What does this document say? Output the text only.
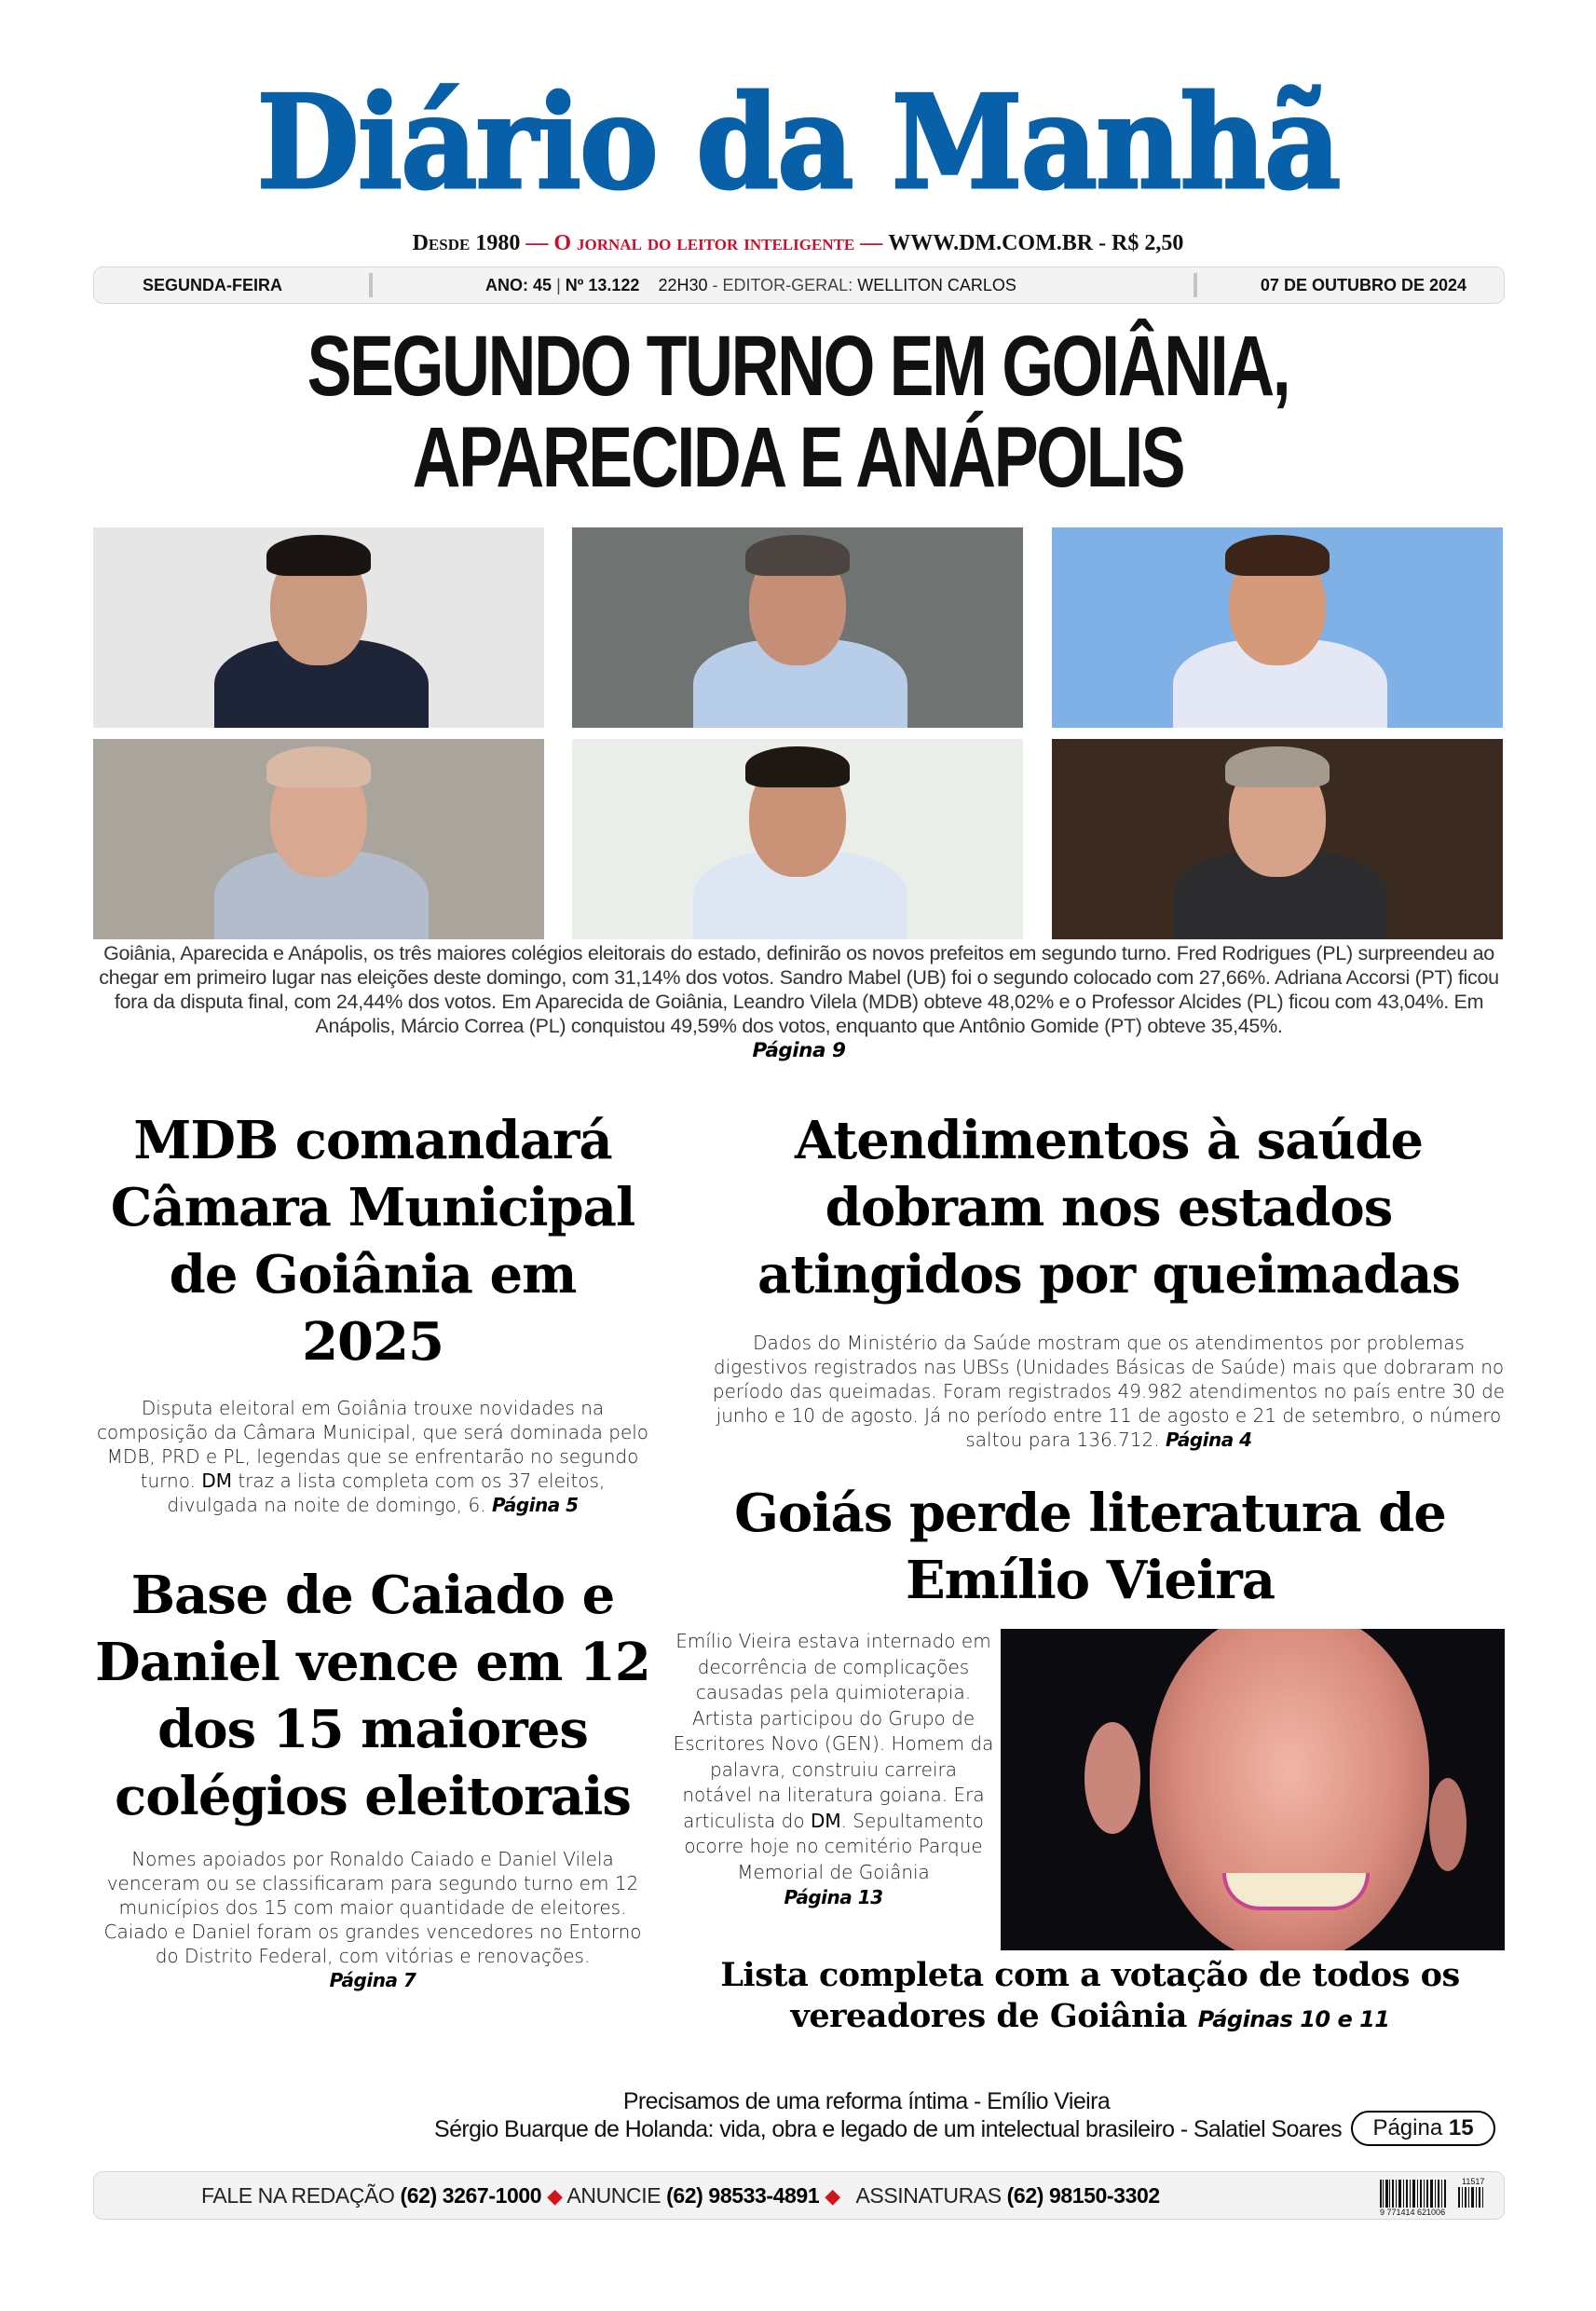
Diário da Manhã
Desde 1980 — O jornal do leitor inteligente — WWW.DM.COM.BR - R$ 2,50
SEGUNDA-FEIRA	ANO: 45 | Nº 13.122 22H30 - EDITOR-GERAL: WELLITON CARLOS	07 DE OUTUBRO DE 2024
SEGUNDO TURNO EM GOIÂNIA,
APARECIDA E ANÁPOLIS
Goiânia, Aparecida e Anápolis, os três maiores colégios eleitorais do estado, definirão os novos prefeitos em segundo turno. Fred Rodrigues (PL) surpreendeu ao chegar em primeiro lugar nas eleições deste domingo, com 31,14% dos votos. Sandro Mabel (UB) foi o segundo colocado com 27,66%. Adriana Accorsi (PT) ficou fora da disputa final, com 24,44% dos votos. Em Aparecida de Goiânia, Leandro Vilela (MDB) obteve 48,02% e o Professor Alcides (PL) ficou com 43,04%. Em Anápolis, Márcio Correa (PL) conquistou 49,59% dos votos, enquanto que Antônio Gomide (PT) obteve 35,45%.
Página 9
MDB comandará Câmara Municipal de Goiânia em 2025
Disputa eleitoral em Goiânia trouxe novidades na composição da Câmara Municipal, que será dominada pelo MDB, PRD e PL, legendas que se enfrentarão no segundo turno. DM traz a lista completa com os 37 eleitos, divulgada na noite de domingo, 6. Página 5
Atendimentos à saúde dobram nos estados atingidos por queimadas
Dados do Ministério da Saúde mostram que os atendimentos por problemas digestivos registrados nas UBSs (Unidades Básicas de Saúde) mais que dobraram no período das queimadas. Foram registrados 49.982 atendimentos no país entre 30 de junho e 10 de agosto. Já no período entre 11 de agosto e 21 de setembro, o número saltou para 136.712. Página 4
Base de Caiado e Daniel vence em 12 dos 15 maiores colégios eleitorais
Nomes apoiados por Ronaldo Caiado e Daniel Vilela venceram ou se classificaram para segundo turno em 12 municípios dos 15 com maior quantidade de eleitores. Caiado e Daniel foram os grandes vencedores no Entorno do Distrito Federal, com vitórias e renovações.
Página 7
Goiás perde literatura de Emílio Vieira
Emílio Vieira estava internado em decorrência de complicações causadas pela quimioterapia. Artista participou do Grupo de Escritores Novo (GEN). Homem da palavra, construiu carreira notável na literatura goiana. Era articulista do DM. Sepultamento ocorre hoje no cemitério Parque Memorial de Goiânia
Página 13
Lista completa com a votação de todos os vereadores de Goiânia Páginas 10 e 11
Precisamos de uma reforma íntima - Emílio Vieira
Sérgio Buarque de Holanda: vida, obra e legado de um intelectual brasileiro - Salatiel Soares	Página 15
FALE NA REDAÇÃO (62) 3267-1000 ◆ ANUNCIE (62) 98533-4891 ◆ ASSINATURAS (62) 98150-3302
9 771414 621006
11517
